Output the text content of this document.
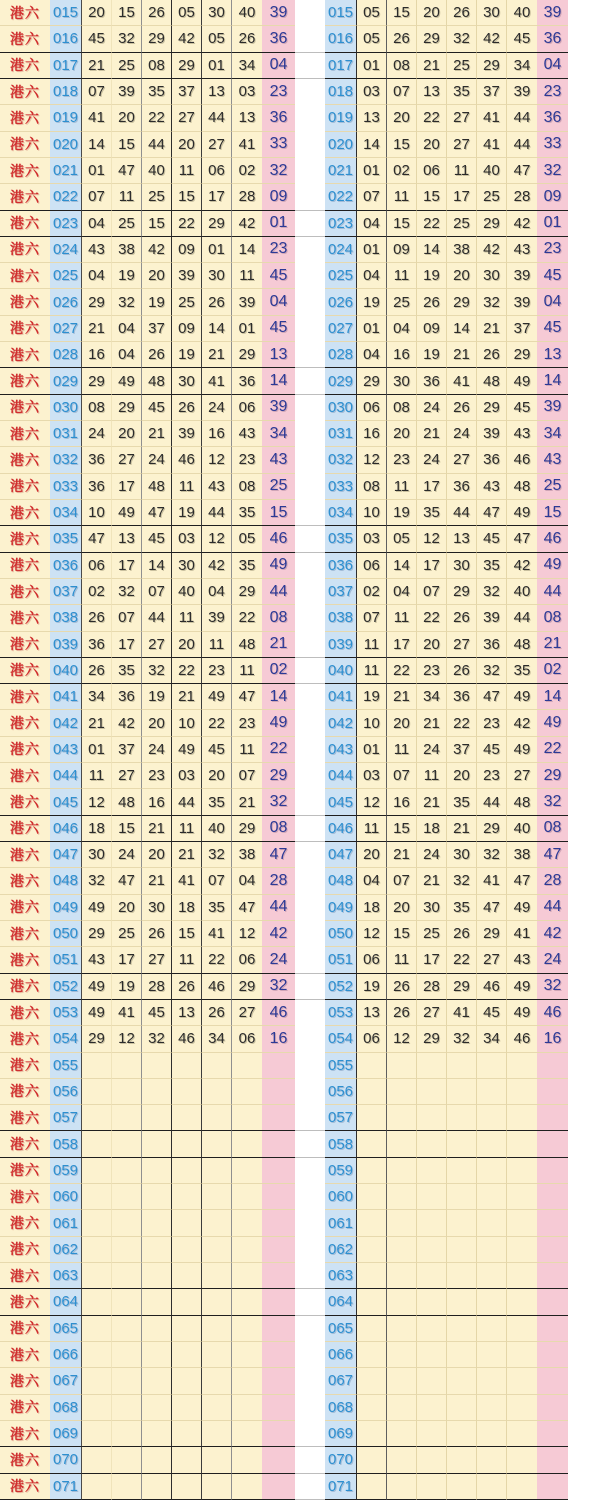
港六 015 20 15 26 05 30 40 39	015 05 15 20 26 30 40 39
港六 016 45 32 29 42 05 26 36	016 05 26 29 32 42 45 36
港六 017 21 25 08 29 01 34 04	017 01 08 21 25 29 34 04
港六 018 07 39 35 37 13 03 23	018 03 07 13 35 37 39 23
港六 019 41 20 22 27 44 13 36	019 13 20 22 27 41 44 36
港六 020 14 15 44 20 27 41 33	020 14 15 20 27 41 44 33
港六 021 01 47 40 11 06 02 32	021 01 02 06 11 40 47 32
港六 022 07 11 25 15 17 28 09	022 07 11 15 17 25 28 09
港六 023 04 25 15 22 29 42 01	023 04 15 22 25 29 42 01
港六 024 43 38 42 09 01 14 23	024 01 09 14 38 42 43 23
港六 025 04 19 20 39 30 11 45	025 04 11 19 20 30 39 45
港六 026 29 32 19 25 26 39 04	026 19 25 26 29 32 39 04
港六 027 21 04 37 09 14 01 45	027 01 04 09 14 21 37 45
港六 028 16 04 26 19 21 29 13	028 04 16 19 21 26 29 13
港六 029 29 49 48 30 41 36 14	029 29 30 36 41 48 49 14
港六 030 08 29 45 26 24 06 39	030 06 08 24 26 29 45 39
港六 031 24 20 21 39 16 43 34	031 16 20 21 24 39 43 34
港六 032 36 27 24 46 12 23 43	032 12 23 24 27 36 46 43
港六 033 36 17 48 11 43 08 25	033 08 11 17 36 43 48 25
港六 034 10 49 47 19 44 35 15	034 10 19 35 44 47 49 15
港六 035 47 13 45 03 12 05 46	035 03 05 12 13 45 47 46
港六 036 06 17 14 30 42 35 49	036 06 14 17 30 35 42 49
港六 037 02 32 07 40 04 29 44	037 02 04 07 29 32 40 44
港六 038 26 07 44 11 39 22 08	038 07 11 22 26 39 44 08
港六 039 36 17 27 20 11 48 21	039 11 17 20 27 36 48 21
港六 040 26 35 32 22 23 11 02	040 11 22 23 26 32 35 02
港六 041 34 36 19 21 49 47 14	041 19 21 34 36 47 49 14
港六 042 21 42 20 10 22 23 49	042 10 20 21 22 23 42 49
港六 043 01 37 24 49 45 11 22	043 01 11 24 37 45 49 22
港六 044 11 27 23 03 20 07 29	044 03 07 11 20 23 27 29
港六 045 12 48 16 44 35 21 32	045 12 16 21 35 44 48 32
港六 046 18 15 21 11 40 29 08	046 11 15 18 21 29 40 08
港六 047 30 24 20 21 32 38 47	047 20 21 24 30 32 38 47
港六 048 32 47 21 41 07 04 28	048 04 07 21 32 41 47 28
港六 049 49 20 30 18 35 47 44	049 18 20 30 35 47 49 44
港六 050 29 25 26 15 41 12 42	050 12 15 25 26 29 41 42
港六 051 43 17 27 11 22 06 24	051 06 11 17 22 27 43 24
港六 052 49 19 28 26 46 29 32	052 19 26 28 29 46 49 32
港六 053 49 41 45 13 26 27 46	053 13 26 27 41 45 49 46
港六 054 29 12 32 46 34 06 16	054 06 12 29 32 34 46 16
港六 055	055
港六 056	056
港六 057	057
港六 058	058
港六 059	059
港六 060	060
港六 061	061
港六 062	062
港六 063	063
港六 064	064
港六 065	065
港六 066	066
港六 067	067
港六 068	068
港六 069	069
港六 070	070
港六 071	071
